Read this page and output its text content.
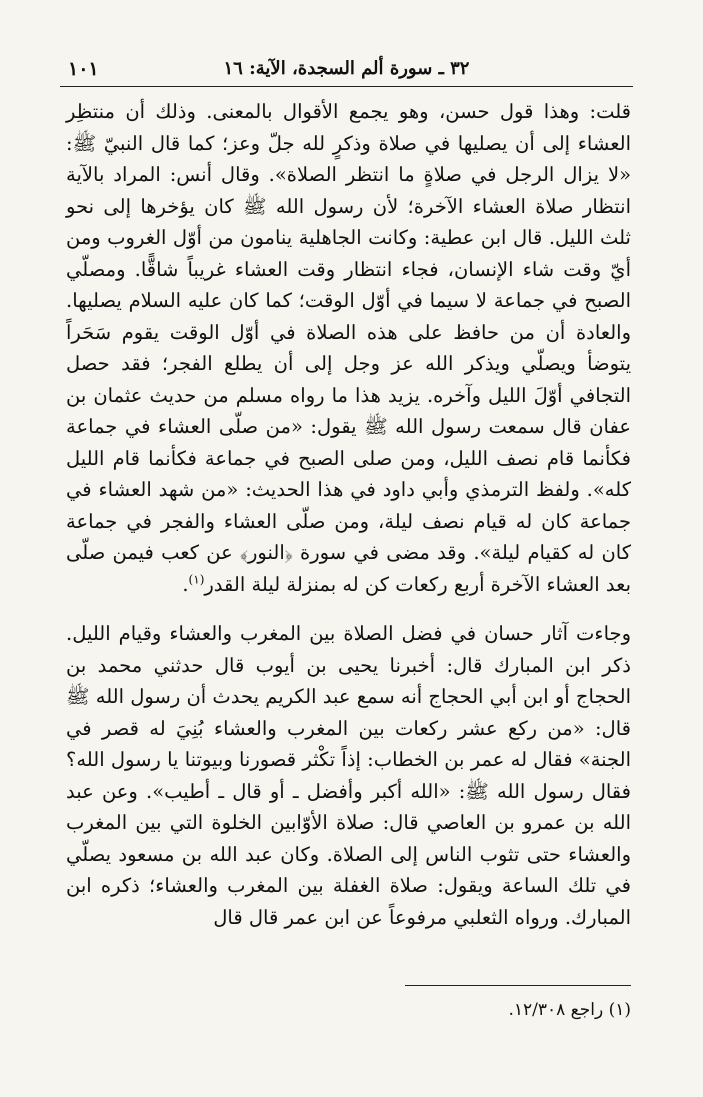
١٠١	٣٢ ـ سورة ألم السجدة، الآية: ١٦

قلت: وهذا قول حسن، وهو يجمع الأقوال بالمعنى. وذلك أن منتظِر العشاء إلى أن يصليها في صلاة وذكرٍ لله جلّ وعز؛ كما قال النبيّ ﷺ: «لا يزال الرجل في صلاةٍ ما انتظر الصلاة». وقال أنس: المراد بالآية انتظار صلاة العشاء الآخرة؛ لأن رسول الله ﷺ كان يؤخرها إلى نحو ثلث الليل. قال ابن عطية: وكانت الجاهلية ينامون من أوّل الغروب ومن أيّ وقت شاء الإنسان، فجاء انتظار وقت العشاء غريباً شاقًّا. ومصلّي الصبح في جماعة لا سيما في أوّل الوقت؛ كما كان عليه السلام يصليها. والعادة أن من حافظ على هذه الصلاة في أوّل الوقت يقوم سَحَراً يتوضأ ويصلّي ويذكر الله عز وجل إلى أن يطلع الفجر؛ فقد حصل التجافي أوّلَ الليل وآخره. يزيد هذا ما رواه مسلم من حديث عثمان بن عفان قال سمعت رسول الله ﷺ يقول: «من صلّى العشاء في جماعة فكأنما قام نصف الليل، ومن صلى الصبح في جماعة فكأنما قام الليل كله». ولفظ الترمذي وأبي داود في هذا الحديث: «من شهد العشاء في جماعة كان له قيام نصف ليلة، ومن صلّى العشاء والفجر في جماعة كان له كقيام ليلة». وقد مضى في سورة ﴿النور﴾ عن كعب فيمن صلّى بعد العشاء الآخرة أربع ركعات كن له بمنزلة ليلة القدر$^{(١)}$.

وجاءت آثار حسان في فضل الصلاة بين المغرب والعشاء وقيام الليل. ذكر ابن المبارك قال: أخبرنا يحيى بن أيوب قال حدثني محمد بن الحجاج أو ابن أبي الحجاج أنه سمع عبد الكريم يحدث أن رسول الله ﷺ قال: «من ركع عشر ركعات بين المغرب والعشاء بُنِيَ له قصر في الجنة» فقال له عمر بن الخطاب: إذاً تكْثر قصورنا وبيوتنا يا رسول الله؟ فقال رسول الله ﷺ: «الله أكبر وأفضل ـ أو قال ـ أطيب». وعن عبد الله بن عمرو بن العاصي قال: صلاة الأوّابين الخلوة التي بين المغرب والعشاء حتى تثوب الناس إلى الصلاة. وكان عبد الله بن مسعود يصلّي في تلك الساعة ويقول: صلاة الغفلة بين المغرب والعشاء؛ ذكره ابن المبارك. ورواه الثعلبي مرفوعاً عن ابن عمر قال قال

(١) راجع ١٢/٣٠٨.
